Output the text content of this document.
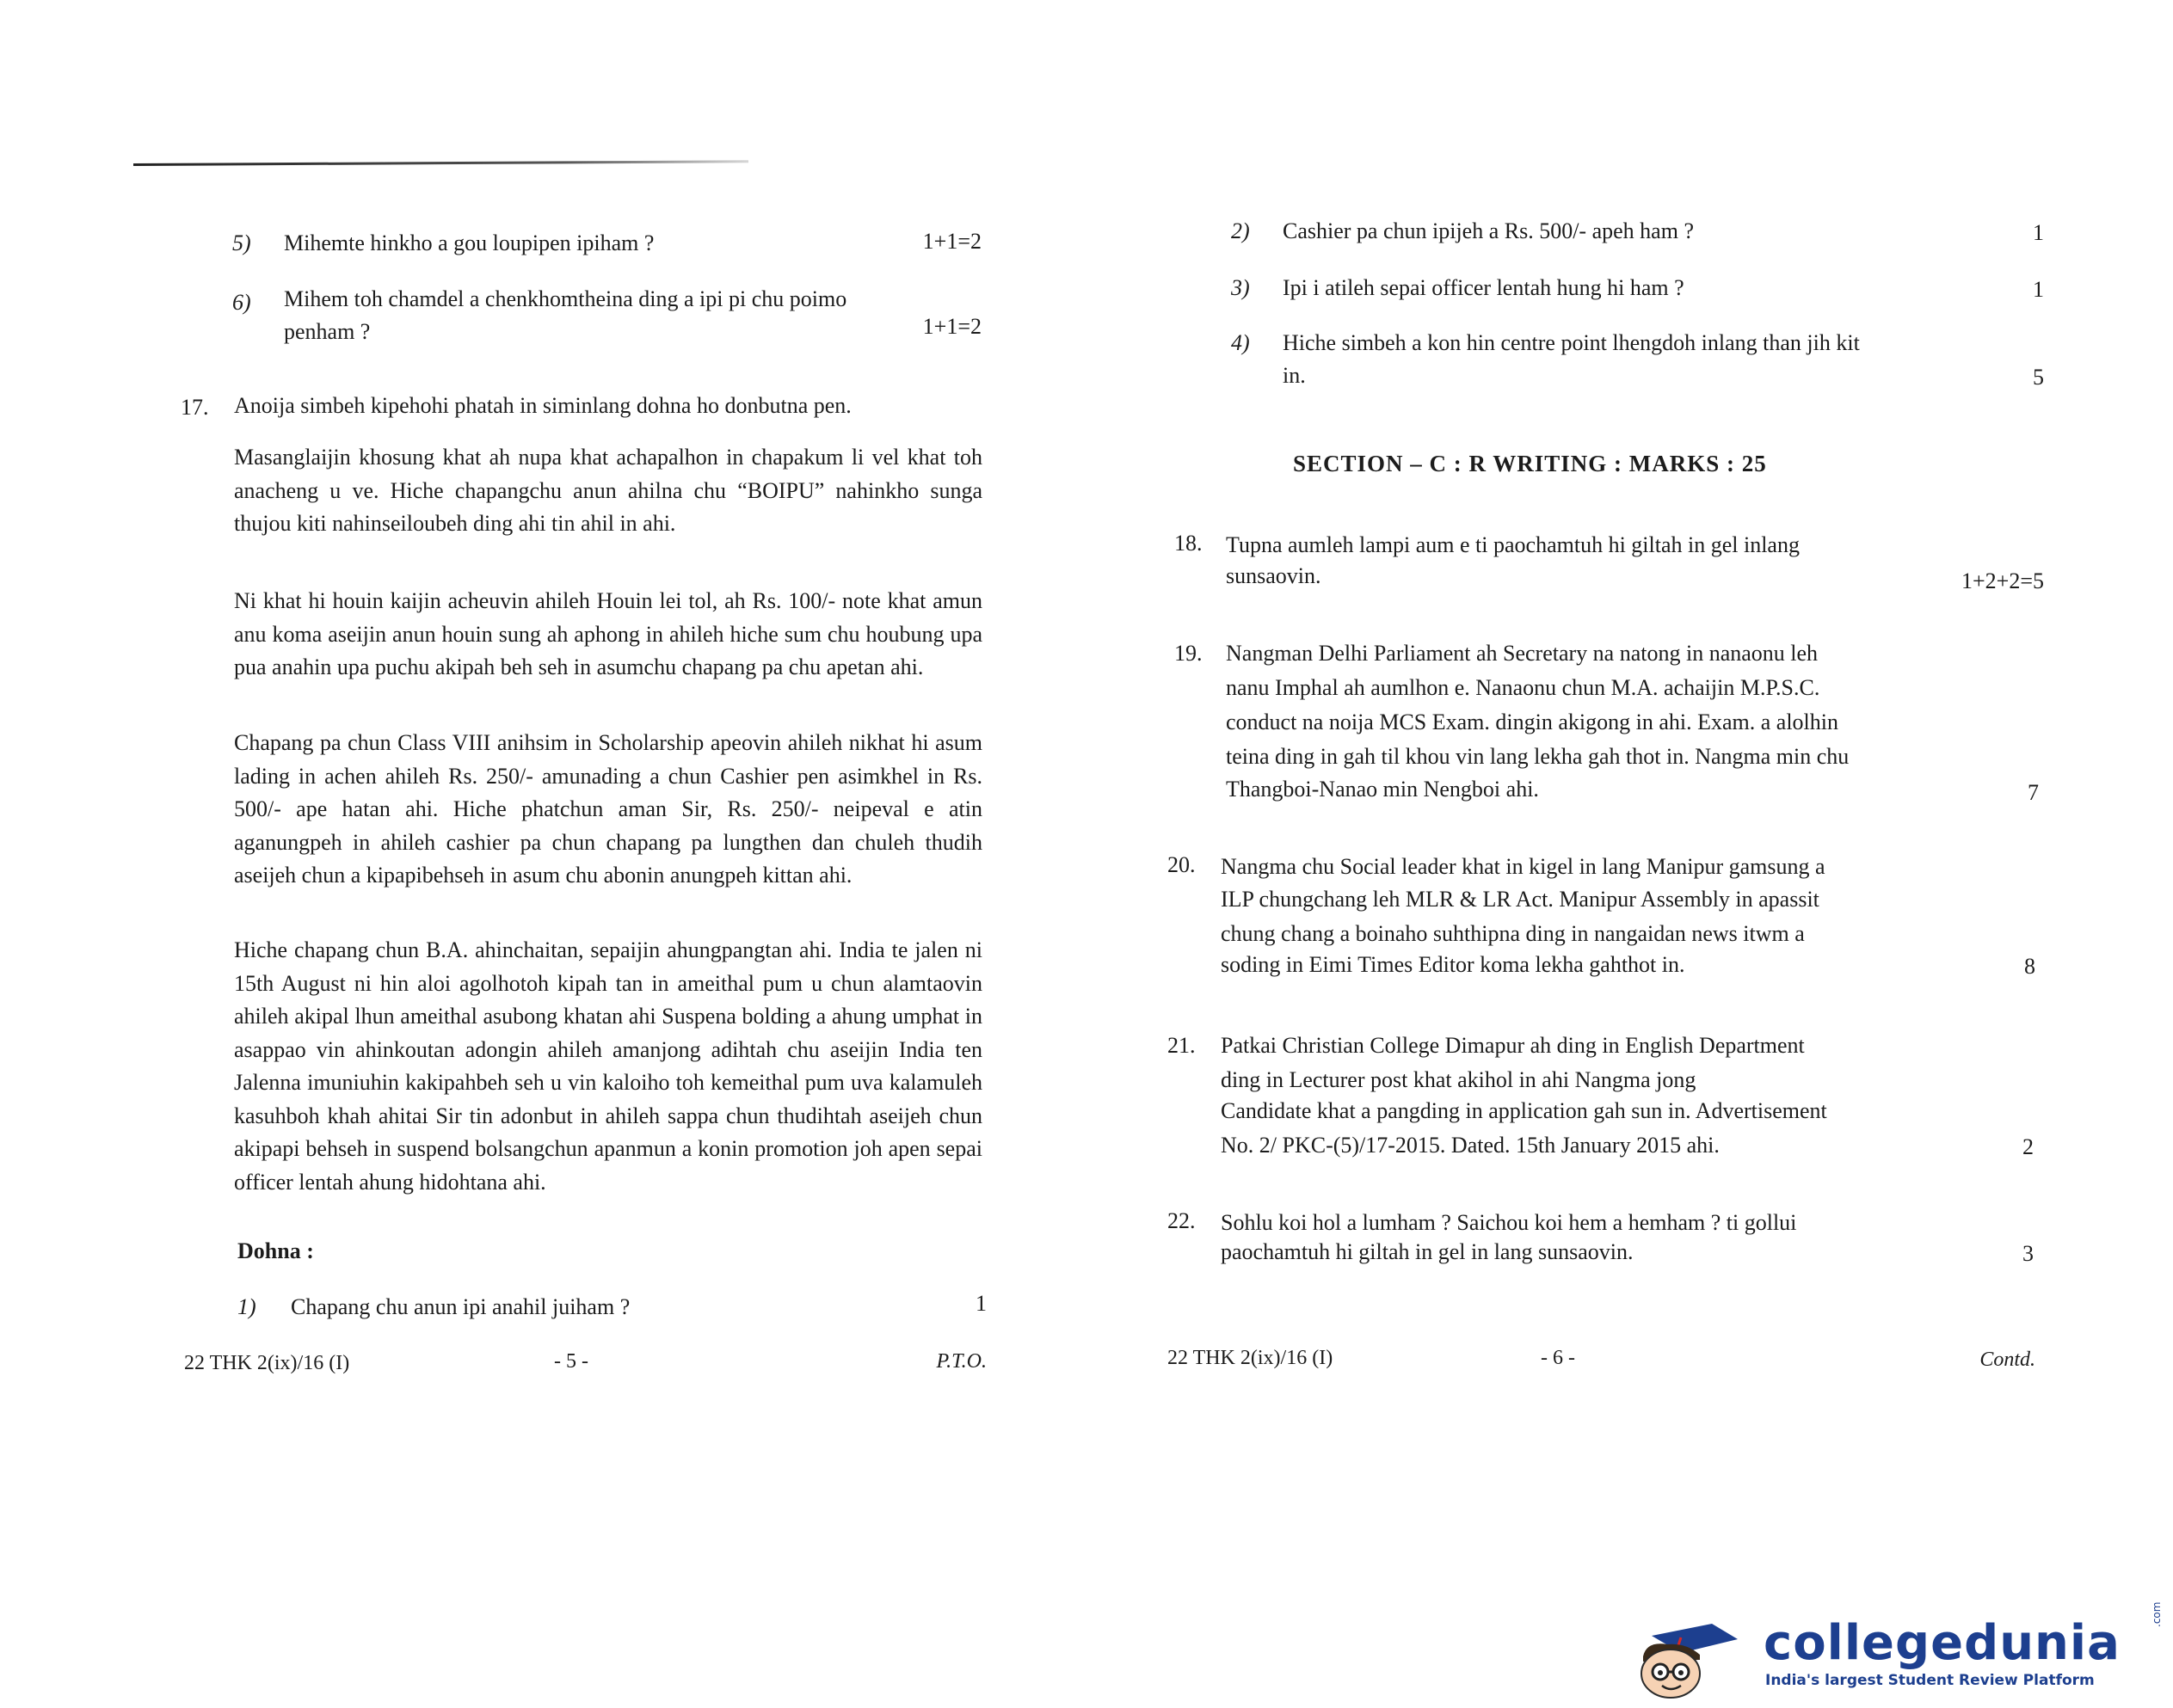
5) Mihemte hinkho a gou loupipen ipiham ?	1+1=2
6) Mihem toh chamdel a chenkhomtheina ding a ipi pi chu poimo
penham ?	1+1=2
17. Anoija simbeh kipehohi phatah in siminlang dohna ho donbutna pen.
Masanglaijin khosung khat ah nupa khat achapalhon in chapakum li vel khat toh anacheng u ve. Hiche chapangchu anun ahilna chu “BOIPU” nahinkho sunga thujou kiti nahinseiloubeh ding ahi tin ahil in ahi.
Ni khat hi houin kaijin acheuvin ahileh Houin lei tol, ah Rs. 100/- note khat amun anu koma aseijin anun houin sung ah aphong in ahileh hiche sum chu houbung upa pua anahin upa puchu akipah beh seh in asumchu chapang pa chu apetan ahi.
Chapang pa chun Class VIII anihsim in Scholarship apeovin ahileh nikhat hi asum lading in achen ahileh Rs. 250/- amunading a chun Cashier pen asimkhel in Rs. 500/- ape hatan ahi. Hiche phatchun aman Sir, Rs. 250/- neipeval e atin aganungpeh in ahileh cashier pa chun chapang pa lungthen dan chuleh thudih aseijeh chun a kipapibehseh in asum chu abonin anungpeh kittan ahi.
Hiche chapang chun B.A. ahinchaitan, sepaijin ahungpangtan ahi. India te jalen ni 15th August ni hin aloi agolhotoh kipah tan in ameithal pum u chun alamtaovin ahileh akipal lhun ameithal asubong khatan ahi Suspena bolding a ahung umphat in asappao vin ahinkoutan adongin ahileh amanjong adihtah chu aseijin India ten Jalenna imuniuhin kakipahbeh seh u vin kaloiho toh kemeithal pum uva kalamuleh kasuhboh khah ahitai Sir tin adonbut in ahileh sappa chun thudihtah aseijeh chun akipapi behseh in suspend bolsangchun apanmun a konin promotion joh apen sepai officer lentah ahung hidohtana ahi.
Dohna :
1) Chapang chu anun ipi anahil juiham ?	1
22 THK 2(ix)/16 (I)	- 5 -	P.T.O.
2) Cashier pa chun ipijeh a Rs. 500/- apeh ham ?	1
3) Ipi i atileh sepai officer lentah hung hi ham ?	1
4) Hiche simbeh a kon hin centre point lhengdoh inlang than jih kit
in.	5
SECTION – C : R WRITING : MARKS : 25
18. Tupna aumleh lampi aum e ti paochamtuh hi giltah in gel inlang
sunsaovin.	1+2+2=5
19. Nangman Delhi Parliament ah Secretary na natong in nanaonu leh
nanu Imphal ah aumlhon e. Nanaonu chun M.A. achaijin M.P.S.C.
conduct na noija MCS Exam. dingin akigong in ahi. Exam. a alolhin
teina ding in gah til khou vin lang lekha gah thot in. Nangma min chu
Thangboi-Nanao min Nengboi ahi.	7
20. Nangma chu Social leader khat in kigel in lang Manipur gamsung a
ILP chungchang leh MLR & LR Act. Manipur Assembly in apassit
chung chang a boinaho suhthipna ding in nangaidan news itwm a
soding in Eimi Times Editor koma lekha gahthot in.	8
21. Patkai Christian College Dimapur ah ding in English Department
ding in Lecturer post khat akihol in ahi Nangma jong
Candidate khat a pangding in application gah sun in. Advertisement
No. 2/ PKC-(5)/17-2015. Dated. 15th January 2015 ahi.	2
22. Sohlu koi hol a lumham ? Saichou koi hem a hemham ? ti gollui
paochamtuh hi giltah in gel in lang sunsaovin.	3
22 THK 2(ix)/16 (I)	- 6 -	Contd.
collegedunia
.com
India's largest Student Review Platform
